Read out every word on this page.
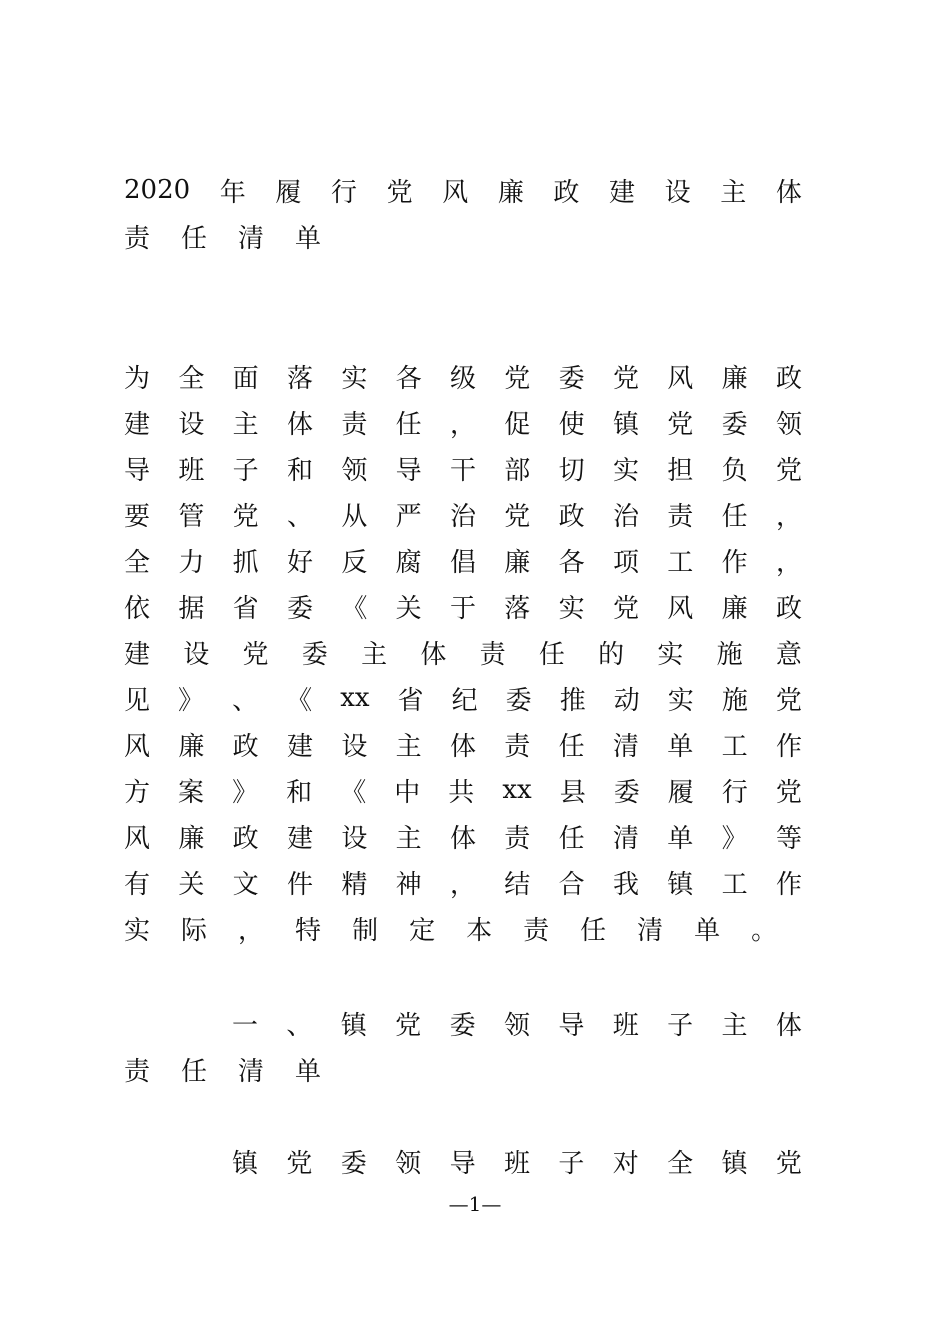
2020 年 履 行 党 风 廉 政 建 设 主 体
责 任 清 单
为 全 面 落 实 各 级 党 委 党 风 廉 政
建 设 主 体 责 任 ， 促 使 镇 党 委 领
导 班 子 和 领 导 干 部 切 实 担 负 党
要 管 党 、 从 严 治 党 政 治 责 任 ，
全 力 抓 好 反 腐 倡 廉 各 项 工 作 ，
依 据 省 委 《 关 于 落 实 党 风 廉 政
建 设 党 委 主 体 责 任 的 实 施 意
见 》 、 《 xx 省 纪 委 推 动 实 施 党
风 廉 政 建 设 主 体 责 任 清 单 工 作
方 案 》 和 《 中 共 xx 县 委 履 行 党
风 廉 政 建 设 主 体 责 任 清 单 》 等
有 关 文 件 精 神 ， 结 合 我 镇 工 作
实 际 ， 特 制 定 本 责 任 清 单 。
一 、 镇 党 委 领 导 班 子 主 体
责 任 清 单
镇 党 委 领 导 班 子 对 全 镇 党
—1—
